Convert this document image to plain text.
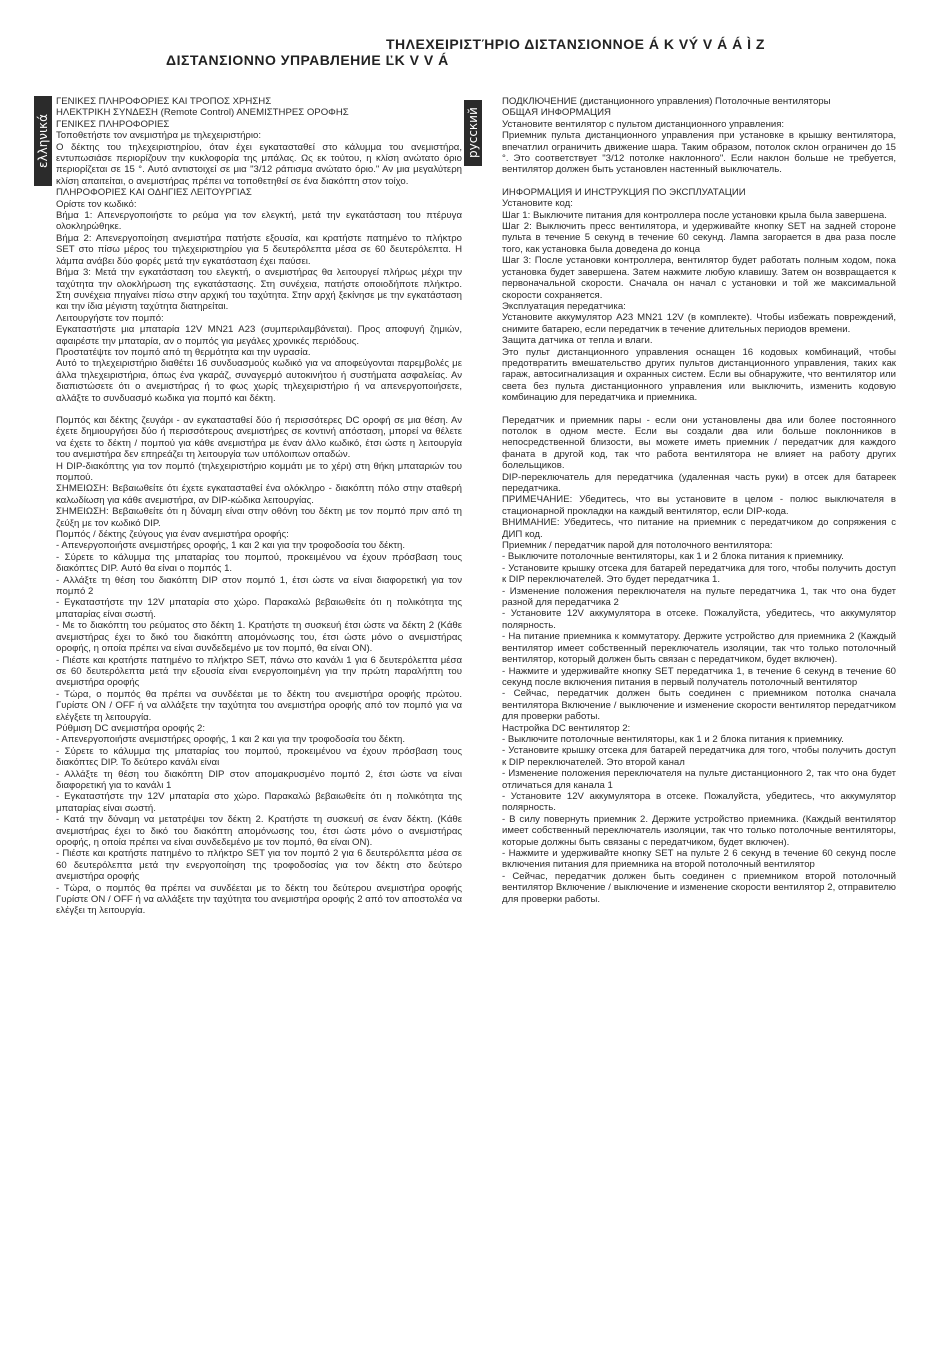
ΤΗΛΕΧΕΙΡΙΣΤΉΡΙΟ ΔΙΣΤΑΝΣΙΟΝΝΟΕ Á Κ VÝ V Á Á Ì Z
ΔΙΣΤΑΝΣΙΟΝΝΟ УПРАВЛЕНИЕ ĽK V V Á
ελληνικά	русский

ΓΕΝΙΚΕΣ ΠΛΗΡΟΦΟΡΙΕΣ ΚΑΙ ΤΡΟΠΟΣ ΧΡΗΣΗΣ

ΗΛΕΚΤΡΙΚΗ ΣΥΝΔΕΣΗ (Remote Control) ΑΝΕΜΙΣΤΗΡΕΣ ΟΡΟΦΗΣ

ΓΕΝΙΚΕΣ ΠΛΗΡΟΦΟΡΙΕΣ

Τοποθετήστε τον ανεμιστήρα με τηλεχειριστήριο:

Ο δέκτης του τηλεχειριστηρίου, όταν έχει εγκατασταθεί στο κάλυμμα του ανεμιστήρα, εντυπωσιάσε περιορίζουν την κυκλοφορία της μπάλας. Ως εκ τούτου, η κλίση ανώτατο όριο περιορίζεται σε 15 °. Αυτό αντιστοιχεί σε μια "3/12 ράπισμα ανώτατο όριο." Αν μια μεγαλύτερη κλίση απαιτείται, ο ανεμιστήρας πρέπει να τοποθετηθεί σε ένα διακόπτη στον τοίχο.

ΠΛΗΡΟΦΟΡΙΕΣ ΚΑΙ ΟΔΗΓΙΕΣ ΛΕΙΤΟΥΡΓΙΑΣ

Ορίστε τον κωδικό:

Βήμα 1: Απενεργοποιήστε το ρεύμα για τον ελεγκτή, μετά την εγκατάσταση του πτέρυγα ολοκληρώθηκε.

Βήμα 2: Απενεργοποίηση ανεμιστήρα πατήστε εξουσία, και κρατήστε πατημένο το πλήκτρο SET στο πίσω μέρος του τηλεχειριστηρίου για 5 δευτερόλεπτα μέσα σε 60 δευτερόλεπτα. Η λάμπα ανάβει δύο φορές μετά την εγκατάσταση έχει παύσει.

Βήμα 3: Μετά την εγκατάσταση του ελεγκτή, ο ανεμιστήρας θα λειτουργεί πλήρως μέχρι την ταχύτητα την ολοκλήρωση της εγκατάστασης. Στη συνέχεια, πατήστε οποιοδήποτε πλήκτρο. Στη συνέχεια πηγαίνει πίσω στην αρχική του ταχύτητα. Στην αρχή ξεκίνησε με την εγκατάσταση και την ίδια μέγιστη ταχύτητα διατηρείται.

Λειτουργήστε τον πομπό:

Εγκαταστήστε μια μπαταρία 12V MN21 A23 (συμπεριλαμβάνεται). Προς αποφυγή ζημιών, αφαιρέστε την μπαταρία, αν ο πομπός για μεγάλες χρονικές περιόδους.

Προστατέψτε τον πομπό από τη θερμότητα και την υγρασία.

Αυτό το τηλεχειριστήριο διαθέτει 16 συνδυασμούς κωδικό για να αποφεύγονται παρεμβολές με άλλα τηλεχειριστήρια, όπως ένα γκαράζ, συναγερμό αυτοκινήτου ή συστήματα ασφαλείας. Αν διαπιστώσετε ότι ο ανεμιστήρας ή το φως χωρίς τηλεχειριστήριο ή να απενεργοποιήσετε, αλλάξτε το συνδυασμό κωδικα για πομπό και δέκτη.

Πομπός και δέκτης ζευγάρι - αν εγκατασταθεί δύο ή περισσότερες DC οροφή σε μια θέση. Αν έχετε δημιουργήσει δύο ή περισσότερους ανεμιστήρες σε κοντινή απόσταση, μπορεί να θέλετε να έχετε το δέκτη / πομπού για κάθε ανεμιστήρα με έναν άλλο κωδικό, έτσι ώστε η λειτουργία του ανεμιστήρα δεν επηρεάζει τη λειτουργία των υπόλοιπων οπαδών.

Η DIP-διακόπτης για τον πομπό (τηλεχειριστήριο κομμάτι με το χέρι) στη θήκη μπαταριών του πομπού.

ΣΗΜΕΙΩΣΗ: Βεβαιωθείτε ότι έχετε εγκατασταθεί ένα ολόκληρο - διακόπτη πόλο στην σταθερή καλωδίωση για κάθε ανεμιστήρα, αν DIP-κώδικα λειτουργίας.

ΣΗΜΕΙΩΣΗ: Βεβαιωθείτε ότι η δύναμη είναι στην οθόνη του δέκτη με τον πομπό πριν από τη ζεύξη με τον κωδικό DIP.

Πομπός / δέκτης ζεύγους για έναν ανεμιστήρα οροφής:

- Απενεργοποιήστε ανεμιστήρες οροφής, 1 και 2 και για την τροφοδοσία του δέκτη.

- Σύρετε το κάλυμμα της μπαταρίας του πομπού, προκειμένου να έχουν πρόσβαση τους διακόπτες DIP. Αυτό θα είναι ο πομπός 1.

- Αλλάξτε τη θέση του διακόπτη DIP στον πομπό 1, έτσι ώστε να είναι διαφορετική για τον πομπό 2

- Εγκαταστήστε την 12V μπαταρία στο χώρο. Παρακαλώ βεβαιωθείτε ότι η πολικότητα της μπαταρίας είναι σωστή.

- Με το διακόπτη του ρεύματος στο δέκτη 1. Κρατήστε τη συσκευή έτσι ώστε να δέκτη 2 (Κάθε ανεμιστήρας έχει το δικό του διακόπτη απομόνωσης του, έτσι ώστε μόνο ο ανεμιστήρας οροφής, η οποία πρέπει να είναι συνδεδεμένο με τον πομπό, θα είναι ON).

- Πιέστε και κρατήστε πατημένο το πλήκτρο SET, πάνω στο κανάλι 1 για 6 δευτερόλεπτα μέσα σε 60 δευτερόλεπτα μετά την εξουσία είναι ενεργοποιημένη για την πρώτη παραλήπτη του ανεμιστήρα οροφής

- Τώρα, ο πομπός θα πρέπει να συνδέεται με το δέκτη του ανεμιστήρα οροφής πρώτου. Γυρίστε ON / OFF ή να αλλάξετε την ταχύτητα του ανεμιστήρα οροφής από τον πομπό για να ελέγξετε τη λειτουργία.

Ρύθμιση DC ανεμιστήρα οροφής 2:

- Απενεργοποιήστε ανεμιστήρες οροφής, 1 και 2 και για την τροφοδοσία του δέκτη.

- Σύρετε το κάλυμμα της μπαταρίας του πομπού, προκειμένου να έχουν πρόσβαση τους διακόπτες DIP. Το δεύτερο κανάλι είναι

- Αλλάξτε τη θέση του διακόπτη DIP στον απομακρυσμένο πομπό 2, έτσι ώστε να είναι διαφορετική για το κανάλι 1

- Εγκαταστήστε την 12V μπαταρία στο χώρο. Παρακαλώ βεβαιωθείτε ότι η πολικότητα της μπαταρίας είναι σωστή.

- Κατά την δύναμη να μετατρέψει τον δέκτη 2. Κρατήστε τη συσκευή σε έναν δέκτη. (Κάθε ανεμιστήρας έχει το δικό του διακόπτη απομόνωσης του, έτσι ώστε μόνο ο ανεμιστήρας οροφής, η οποία πρέπει να είναι συνδεδεμένο με τον πομπό, θα είναι ON).

- Πιέστε και κρατήστε πατημένο το πλήκτρο SET για τον πομπό 2 για 6 δευτερόλεπτα μέσα σε 60 δευτερόλεπτα μετά την ενεργοποίηση της τροφοδοσίας για τον δέκτη στο δεύτερο ανεμιστήρα οροφής

- Τώρα, ο πομπός θα πρέπει να συνδέεται με το δέκτη του δεύτερου ανεμιστήρα οροφής Γυρίστε ON / OFF ή να αλλάξετε την ταχύτητα του ανεμιστήρα οροφής 2 από τον αποστολέα να ελέγξει τη λειτουργία.

ПОДКЛЮЧЕНИЕ (дистанционного управления) Потолочные вентиляторы

ОБЩАЯ ИНФОРМАЦИЯ

Установите вентилятор с пультом дистанционного управления:

Приемник пульта дистанционного управления при установке в крышку вентилятора, впечатлил ограничить движение шара. Таким образом, потолок склон ограничен до 15 °. Это соответствует "3/12 потолке наклонного". Если наклон больше не требуется, вентилятор должен быть установлен настенный выключатель.

ИНФОРМАЦИЯ И ИНСТРУКЦИЯ ПО ЭКСПЛУАТАЦИИ

Установите код:

Шаг 1: Выключите питания для контроллера после установки крыла была завершена.

Шаг 2: Выключить пресс вентилятора, и удерживайте кнопку SET на задней стороне пульта в течение 5 секунд в течение 60 секунд. Лампа загорается в два раза после того, как установка была доведена до конца

Шаг 3: После установки контроллера, вентилятор будет работать полным ходом, пока установка будет завершена. Затем нажмите любую клавишу. Затем он возвращается к первоначальной скорости. Сначала он начал с установки и той же максимальной скорости сохраняется.

Эксплуатация передатчика:

Установите аккумулятор A23 MN21 12V (в комплекте). Чтобы избежать повреждений, снимите батарею, если передатчик в течение длительных периодов времени.

Защита датчика от тепла и влаги.

Это пульт дистанционного управления оснащен 16 кодовых комбинаций, чтобы предотвратить вмешательство других пультов дистанционного управления, таких как гараж, автосигнализация и охранных систем. Если вы обнаружите, что вентилятор или света без пульта дистанционного управления или выключить, изменить кодовую комбинацию для передатчика и приемника.

Передатчик и приемник пары - если они установлены два или более постоянного потолок в одном месте. Если вы создали два или больше поклонников в непосредственной близости, вы можете иметь приемник / передатчик для каждого фаната в другой код, так что работа вентилятора не влияет на работу других болельщиков.

DIP-переключатель для передатчика (удаленная часть руки) в отсек для батареек передатчика.

ПРИМЕЧАНИЕ: Убедитесь, что вы установите в целом - полюс выключателя в стационарной прокладки на каждый вентилятор, если DIP-кода.

ВНИМАНИЕ: Убедитесь, что питание на приемник с передатчиком до сопряжения с ДИП код.

Приемник / передатчик парой для потолочного вентилятора:

- Выключите потолочные вентиляторы, как 1 и 2 блока питания к приемнику.

- Установите крышку отсека для батарей передатчика для того, чтобы получить доступ к DIP переключателей. Это будет передатчика 1.

- Изменение положения переключателя на пульте передатчика 1, так что она будет разной для передатчика 2

- Установите 12V аккумулятора в отсеке. Пожалуйста, убедитесь, что аккумулятор полярность.

- На питание приемника к коммутатору. Держите устройство для приемника 2 (Каждый вентилятор имеет собственный переключатель изоляции, так что только потолочный вентилятор, который должен быть связан с передатчиком, будет включен).

- Нажмите и удерживайте кнопку SET передатчика 1, в течение 6 секунд в течение 60 секунд после включения питания в первый получатель потолочный вентилятор

- Сейчас, передатчик должен быть соединен с приемником потолка сначала вентилятора Включение / выключение и изменение скорости вентилятор передатчиком для проверки работы.

Настройка DC вентилятор 2:

- Выключите потолочные вентиляторы, как 1 и 2 блока питания к приемнику.

- Установите крышку отсека для батарей передатчика для того, чтобы получить доступ к DIP переключателей. Это второй канал

- Изменение положения переключателя на пульте дистанционного 2, так что она будет отличаться для канала 1

- Установите 12V аккумулятора в отсеке. Пожалуйста, убедитесь, что аккумулятор полярность.

- В силу повернуть приемник 2. Держите устройство приемника. (Каждый вентилятор имеет собственный переключатель изоляции, так что только потолочные вентиляторы, которые должны быть связаны с передатчиком, будет включен).

- Нажмите и удерживайте кнопку SET на пульте 2 6 секунд в течение 60 секунд после включения питания для приемника на второй потолочный вентилятор

- Сейчас, передатчик должен быть соединен с приемником второй потолочный вентилятор Включение / выключение и изменение скорости вентилятор 2, отправителю для проверки работы.
